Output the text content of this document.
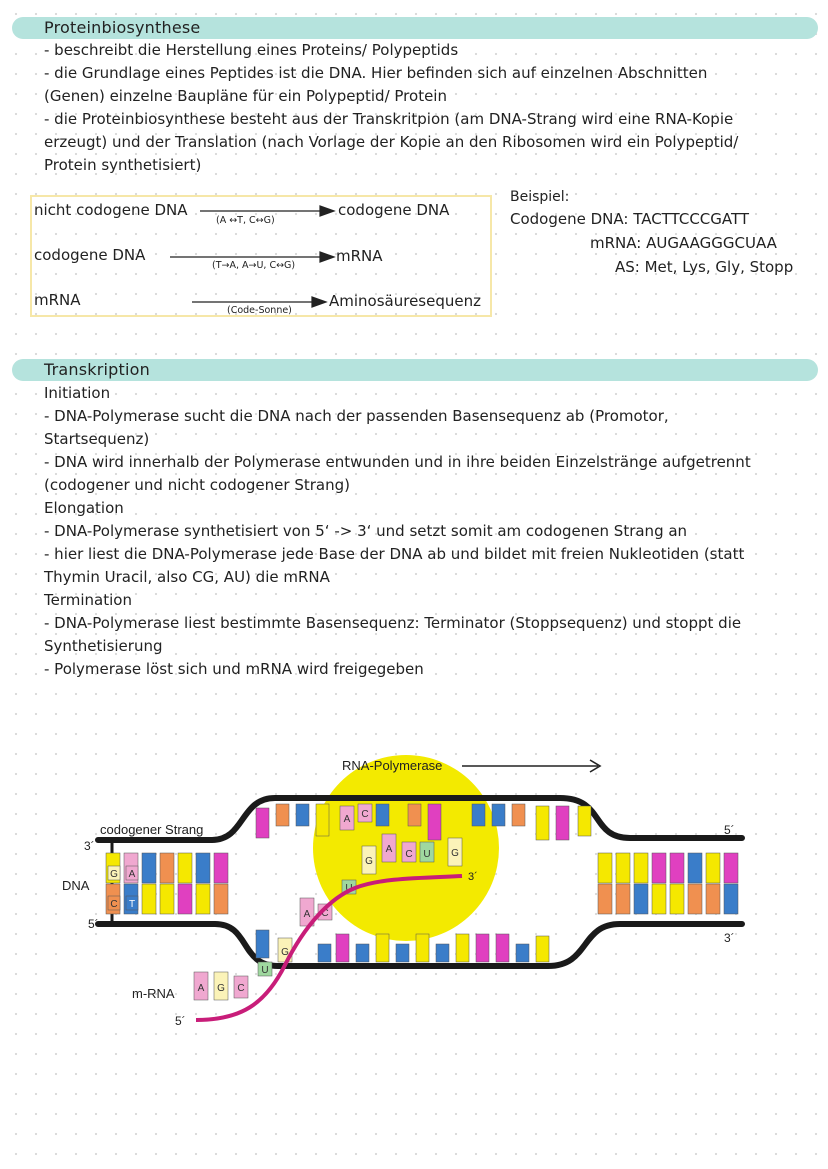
Proteinbiosynthese
- beschreibt die Herstellung eines Proteins/ Polypeptids
- die Grundlage eines Peptides ist die DNA. Hier befinden sich auf einzelnen Abschnitten
(Genen) einzelne Baupläne für ein Polypeptid/ Protein
- die Proteinbiosynthese besteht aus der Transkritpion (am DNA-Strang wird eine RNA-Kopie
erzeugt) und der Translation (nach Vorlage der Kopie an den Ribosomen wird ein Polypeptid/
Protein synthetisiert)
nicht codogene DNA
(A ↔T, C↔G)
codogene DNA
codogene DNA
(T→A, A→U, C↔G)
mRNA
mRNA
(Code-Sonne)
Aminosäuresequenz
Beispiel:
Codogene DNA: TACTTCCCGATT
mRNA: AUGAAGGGCUAA
AS: Met, Lys, Gly, Stopp
Transkription
Initiation
- DNA-Polymerase sucht die DNA nach der passenden Basensequenz ab (Promotor,
Startsequenz)
- DNA wird innerhalb der Polymerase entwunden und in ihre beiden Einzelstränge aufgetrennt
(codogener und nicht codogener Strang)
Elongation
- DNA-Polymerase synthetisiert von 5‘ -> 3‘ und setzt somit am codogenen Strang an
- hier liest die DNA-Polymerase jede Base der DNA ab und bildet mit freien Nukleotiden (statt
Thymin Uracil, also CG, AU) die mRNA
Termination
- DNA-Polymerase liest bestimmte Basensequenz: Terminator (Stoppsequenz) und stoppt die
Synthetisierung
- Polymerase löst sich und mRNA wird freigegeben
A C
G
A C U G
U
A C
G
U
A G C
G A
C T
RNA-Polymerase
codogener Strang
3´
DNA
5´
m-RNA
5´
3´
5´
3´
